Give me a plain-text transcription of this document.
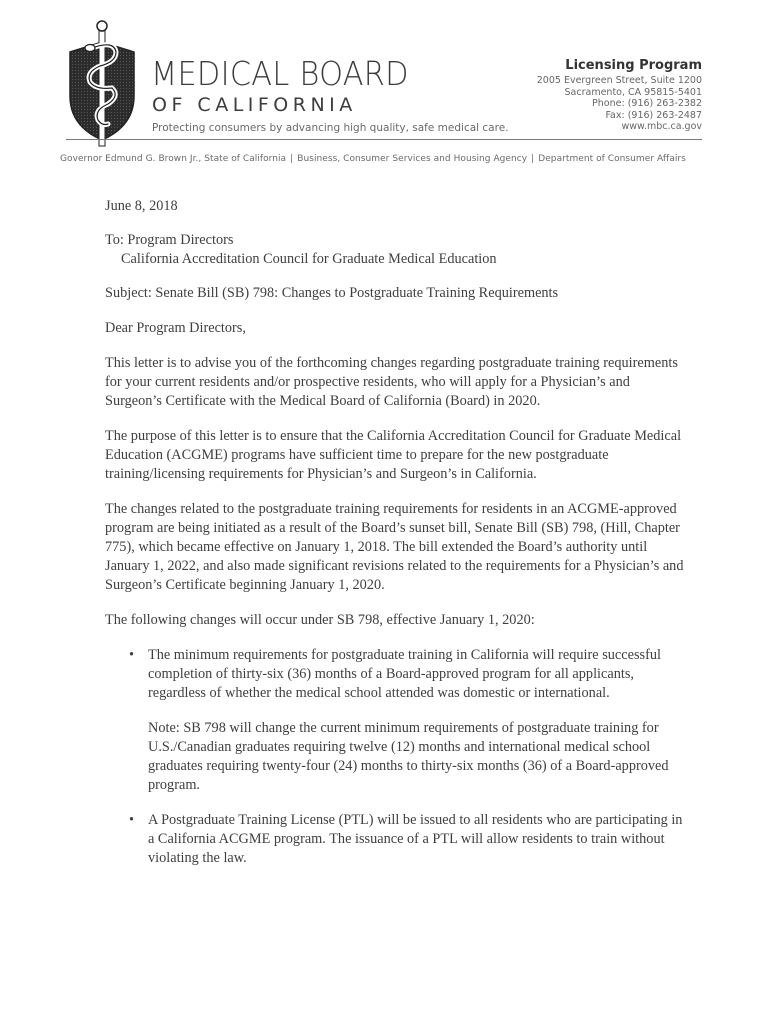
MEDICAL BOARD
OF CALIFORNIA
Protecting consumers by advancing high quality, safe medical care.
Licensing Program
2005 Evergreen Street, Suite 1200
Sacramento, CA 95815-5401
Phone: (916) 263-2382
Fax: (916) 263-2487
www.mbc.ca.gov
Governor Edmund G. Brown Jr., State of California | Business, Consumer Services and Housing Agency | Department of Consumer Affairs

June 8, 2018

To: Program Directors
California Accreditation Council for Graduate Medical Education

Subject: Senate Bill (SB) 798: Changes to Postgraduate Training Requirements

Dear Program Directors,

This letter is to advise you of the forthcoming changes regarding postgraduate training requirements for your current residents and/or prospective residents, who will apply for a Physician’s and Surgeon’s Certificate with the Medical Board of California (Board) in 2020.

The purpose of this letter is to ensure that the California Accreditation Council for Graduate Medical Education (ACGME) programs have sufficient time to prepare for the new postgraduate training/licensing requirements for Physician’s and Surgeon’s in California.

The changes related to the postgraduate training requirements for residents in an ACGME-approved program are being initiated as a result of the Board’s sunset bill, Senate Bill (SB) 798, (Hill, Chapter 775), which became effective on January 1, 2018. The bill extended the Board’s authority until January 1, 2022, and also made significant revisions related to the requirements for a Physician’s and Surgeon’s Certificate beginning January 1, 2020.

The following changes will occur under SB 798, effective January 1, 2020:

• The minimum requirements for postgraduate training in California will require successful completion of thirty-six (36) months of a Board-approved program for all applicants, regardless of whether the medical school attended was domestic or international.

Note: SB 798 will change the current minimum requirements of postgraduate training for U.S./Canadian graduates requiring twelve (12) months and international medical school graduates requiring twenty-four (24) months to thirty-six months (36) of a Board-approved program.

• A Postgraduate Training License (PTL) will be issued to all residents who are participating in a California ACGME program. The issuance of a PTL will allow residents to train without violating the law.
